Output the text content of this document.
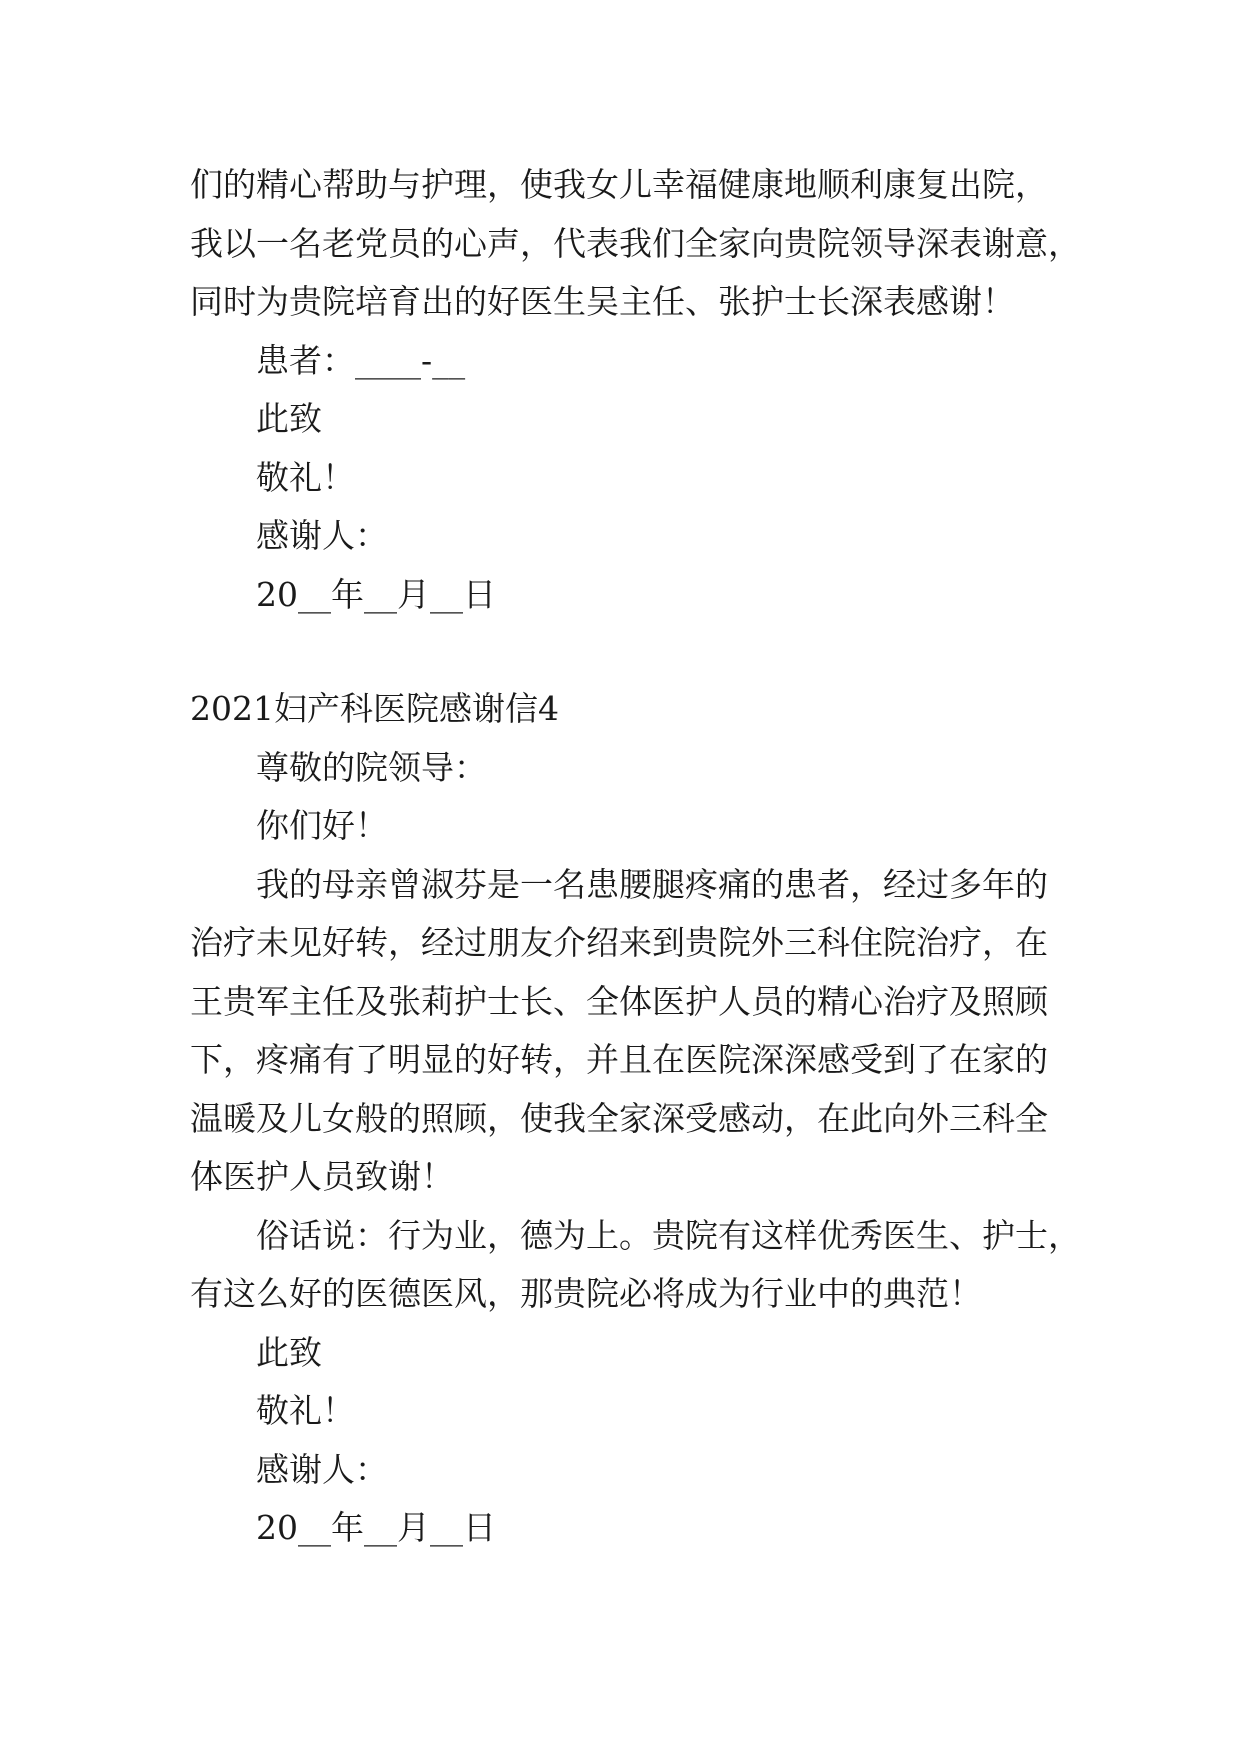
们的精心帮助与护理，使我女儿幸福健康地顺利康复出院，

我以一名老党员的心声，代表我们全家向贵院领导深表谢意，

同时为贵院培育出的好医生吴主任、张护士长深表感谢！

患者：____-__

此致

敬礼！

感谢人：

20__年__月__日

2021妇产科医院感谢信4

尊敬的院领导：

你们好！

我的母亲曾淑芬是一名患腰腿疼痛的患者，经过多年的

治疗未见好转，经过朋友介绍来到贵院外三科住院治疗，在

王贵军主任及张莉护士长、全体医护人员的精心治疗及照顾

下，疼痛有了明显的好转，并且在医院深深感受到了在家的

温暖及儿女般的照顾，使我全家深受感动，在此向外三科全

体医护人员致谢！

俗话说：行为业，德为上。贵院有这样优秀医生、护士，

有这么好的医德医风，那贵院必将成为行业中的典范！

此致

敬礼！

感谢人：

20__年__月__日
